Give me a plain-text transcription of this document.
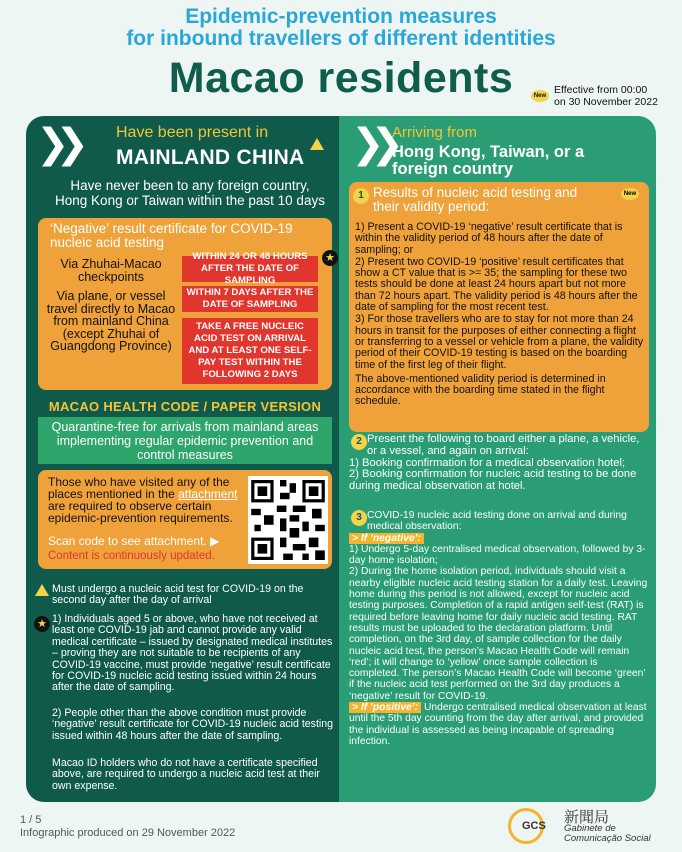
Epidemic-prevention measures
for inbound travellers of different identities
Macao residents	New Effective from 00:00
on 30 November 2022
❯❯	Have been present in
MAINLAND CHINA
Have never been to any foreign country,
Hong Kong or Taiwan within the past 10 days
‘Negative’ result certificate for COVID-19 nucleic acid testing
Via Zhuhai-Macao checkpoints
WITHIN 24 OR 48 HOURS AFTER THE DATE OF SAMPLING
★
Via plane, or vessel travel directly to Macao from mainland China (except Zhuhai of Guangdong Province)
WITHIN 7 DAYS AFTER THE DATE OF SAMPLING
TAKE A FREE NUCLEIC ACID TEST ON ARRIVAL AND AT LEAST ONE SELF-PAY TEST WITHIN THE FOLLOWING 2 DAYS
MACAO HEALTH CODE / PAPER VERSION
Quarantine-free for arrivals from mainland areas implementing regular epidemic prevention and control measures
Those who have visited any of the places mentioned in the attachment are required to observe certain epidemic-prevention requirements.
Scan code to see attachment. ▶
Content is continuously updated.
Must undergo a nucleic acid test for COVID-19 on the second day after the day of arrival
★ 1) Individuals aged 5 or above, who have not received at least one COVID-19 jab and cannot provide any valid medical certificate – issued by designated medical institutes – proving they are not suitable to be recipients of any COVID-19 vaccine, must provide ‘negative’ result certificate for COVID-19 nucleic acid testing issued within 24 hours after the date of sampling.
2) People other than the above condition must provide ‘negative’ result certificate for COVID-19 nucleic acid testing issued within 48 hours after the date of sampling.
Macao ID holders who do not have a certificate specified above, are required to undergo a nucleic acid test at their own expense.
❯❯ Arriving from
Hong Kong, Taiwan, or a foreign country
1 Results of nucleic acid testing and their validity period:
New

1) Present a COVID-19 ‘negative’ result certificate that is within the validity period of 48 hours after the date of sampling; or

2) Present two COVID-19 ‘positive’ result certificates that show a CT value that is >= 35; the sampling for these two tests should be done at least 24 hours apart but not more than 72 hours apart. The validity period is 48 hours after the date of sampling for the most recent test.

3) For those travellers who are to stay for not more than 24 hours in transit for the purposes of either connecting a flight or transferring to a vessel or vehicle from a plane, the validity period of their COVID-19 testing is based on the boarding time of the first leg of their flight.

The above-mentioned validity period is determined in accordance with the boarding time stated in the flight schedule.

2 Present the following to board either a plane, a vehicle, or a vessel, and again on arrival:
1) Booking confirmation for a medical observation hotel;
2) Booking confirmation for nucleic acid testing to be done during medical observation at hotel.
3 COVID-19 nucleic acid testing done on arrival and during medical observation:
> If ‘negative’:
1) Undergo 5-day centralised medical observation, followed by 3-day home isolation;
2) During the home isolation period, individuals should visit a nearby eligible nucleic acid testing station for a daily test. Leaving home during this period is not allowed, except for nucleic acid testing purposes. Completion of a rapid antigen self-test (RAT) is required before leaving home for daily nucleic acid testing. RAT results must be uploaded to the declaration platform. Until completion, on the 3rd day, of sample collection for the daily nucleic acid test, the person’s Macao Health Code will remain ‘red’; it will change to ‘yellow’ once sample collection is completed. The person’s Macao Health Code will become ‘green’ if the nucleic acid test performed on the 3rd day produces a ‘negative’ result for COVID-19.
> If ‘positive’: Undergo centralised medical observation at least until the 5th day counting from the day after arrival, and provided the individual is assessed as being incapable of spreading infection.
1 / 5
Infographic produced on 29 November 2022
GCS 新聞局
Gabinete de
Comunicação Social
